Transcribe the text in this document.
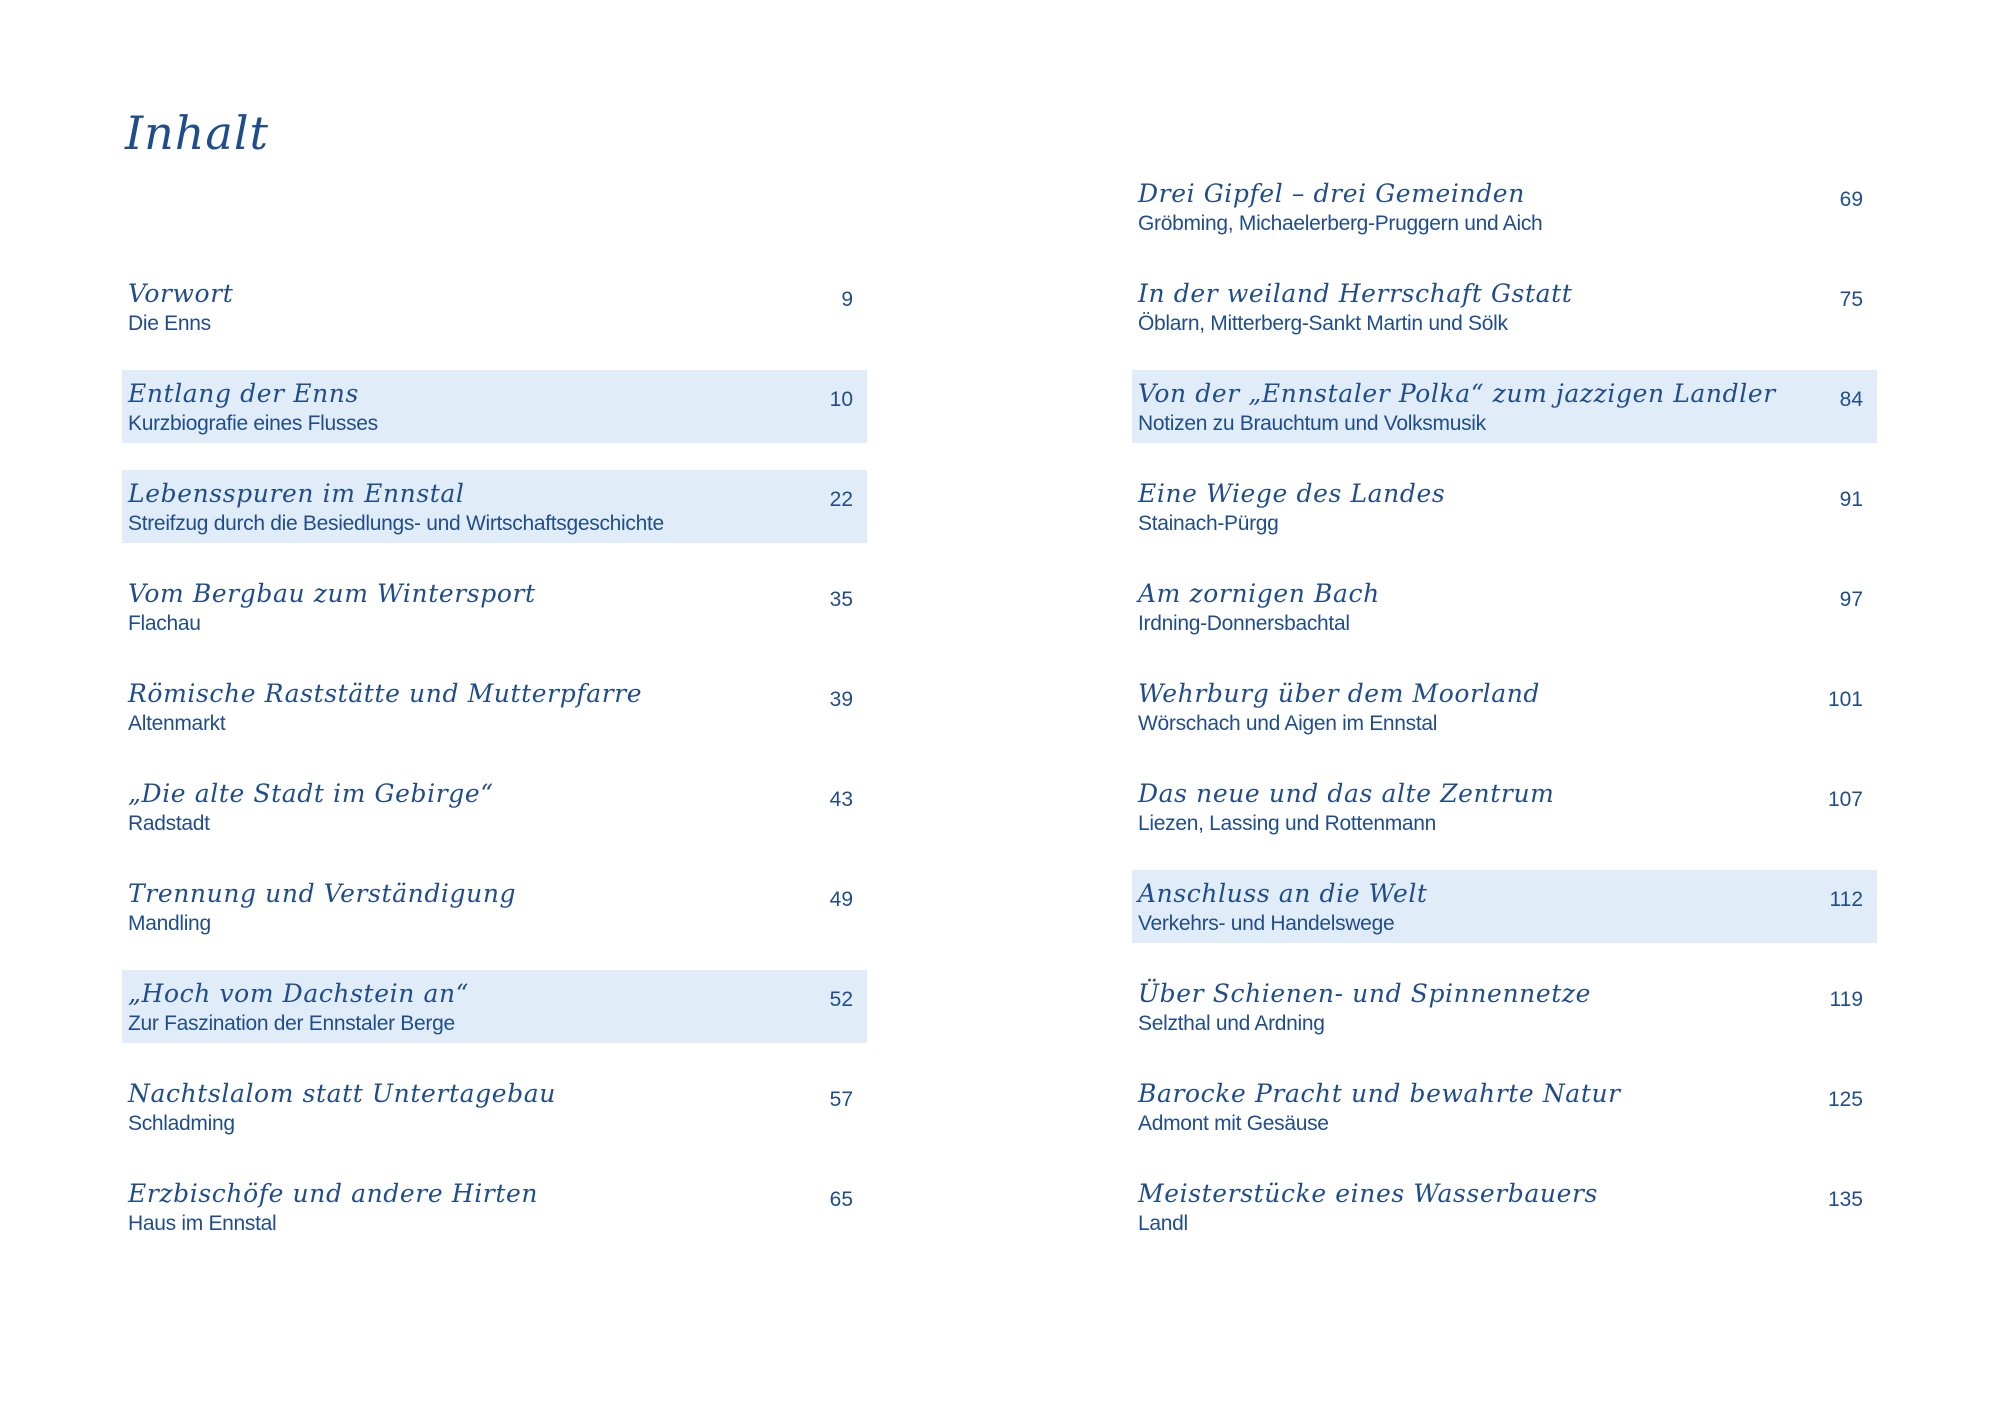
Inhalt
Vorwort
Die Enns
9
Entlang der Enns
Kurzbiografie eines Flusses
10
Lebensspuren im Ennstal
Streifzug durch die Besiedlungs- und Wirtschaftsgeschichte
22
Vom Bergbau zum Wintersport
Flachau
35
Römische Raststätte und Mutterpfarre
Altenmarkt
39
„Die alte Stadt im Gebirge“
Radstadt
43
Trennung und Verständigung
Mandling
49
„Hoch vom Dachstein an“
Zur Faszination der Ennstaler Berge
52
Nachtslalom statt Untertagebau
Schladming
57
Erzbischöfe und andere Hirten
Haus im Ennstal
65
Drei Gipfel – drei Gemeinden
Gröbming, Michaelerberg-Pruggern und Aich
69
In der weiland Herrschaft Gstatt
Öblarn, Mitterberg-Sankt Martin und Sölk
75
Von der „Ennstaler Polka“ zum jazzigen Landler
Notizen zu Brauchtum und Volksmusik
84
Eine Wiege des Landes
Stainach-Pürgg
91
Am zornigen Bach
Irdning-Donnersbachtal
97
Wehrburg über dem Moorland
Wörschach und Aigen im Ennstal
101
Das neue und das alte Zentrum
Liezen, Lassing und Rottenmann
107
Anschluss an die Welt
Verkehrs- und Handelswege
112
Über Schienen- und Spinnennetze
Selzthal und Ardning
119
Barocke Pracht und bewahrte Natur
Admont mit Gesäuse
125
Meisterstücke eines Wasserbauers
Landl
135
